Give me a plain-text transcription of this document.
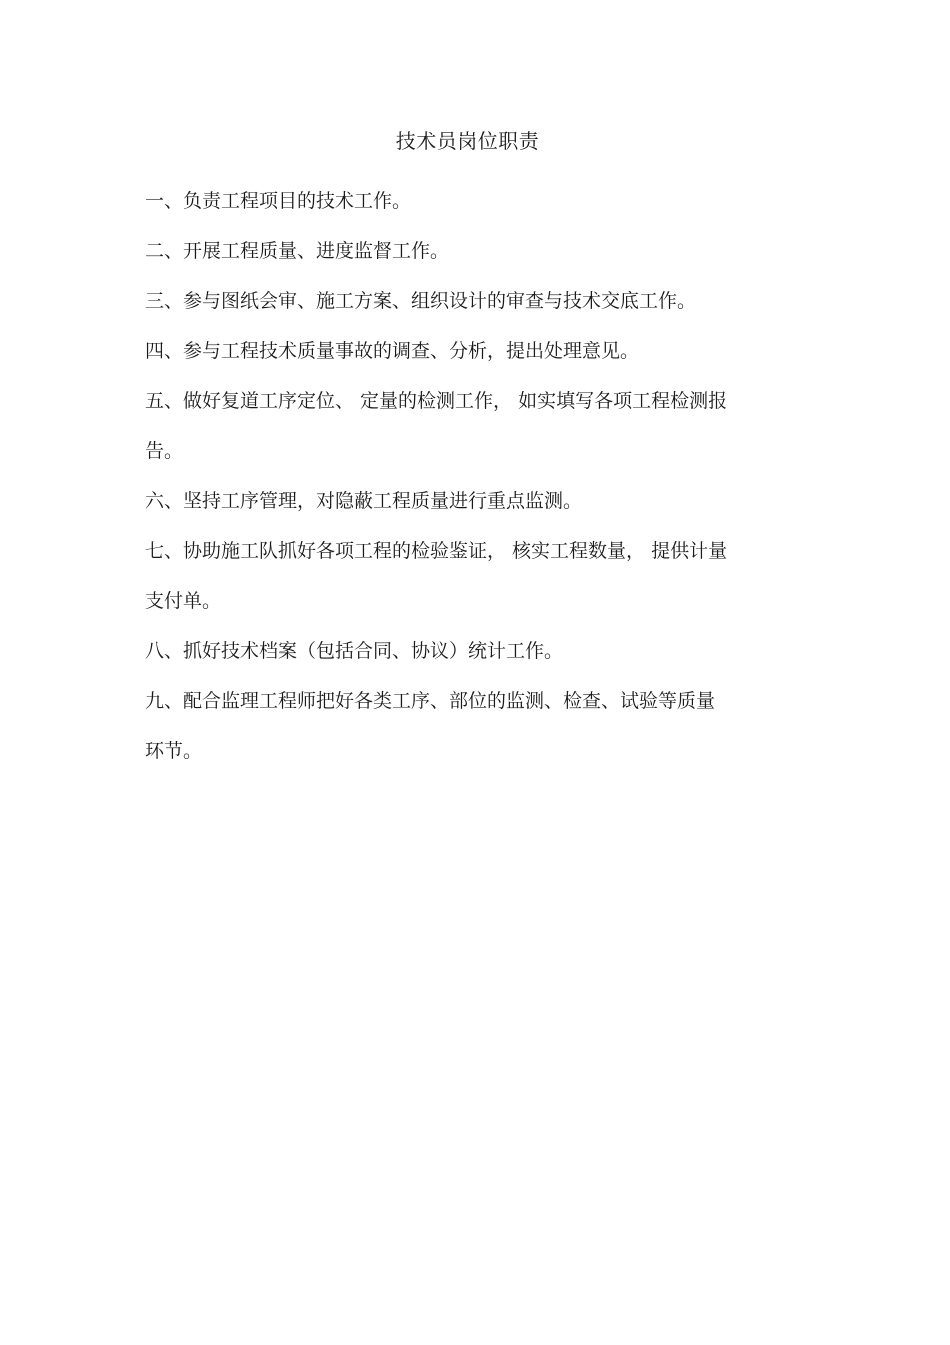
技术员岗位职责

一、负责工程项目的技术工作。

二、开展工程质量、进度监督工作。

三、参与图纸会审、施工方案、组织设计的审查与技术交底工作。

四、参与工程技术质量事故的调查、分析，提出处理意见。

五、做好复道工序定位、 定量的检测工作， 如实填写各项工程检测报

告。

六、坚持工序管理，对隐蔽工程质量进行重点监测。

七、协助施工队抓好各项工程的检验鉴证， 核实工程数量， 提供计量

支付单。

八、抓好技术档案（包括合同、协议）统计工作。

九、配合监理工程师把好各类工序、部位的监测、检查、试验等质量

环节。
